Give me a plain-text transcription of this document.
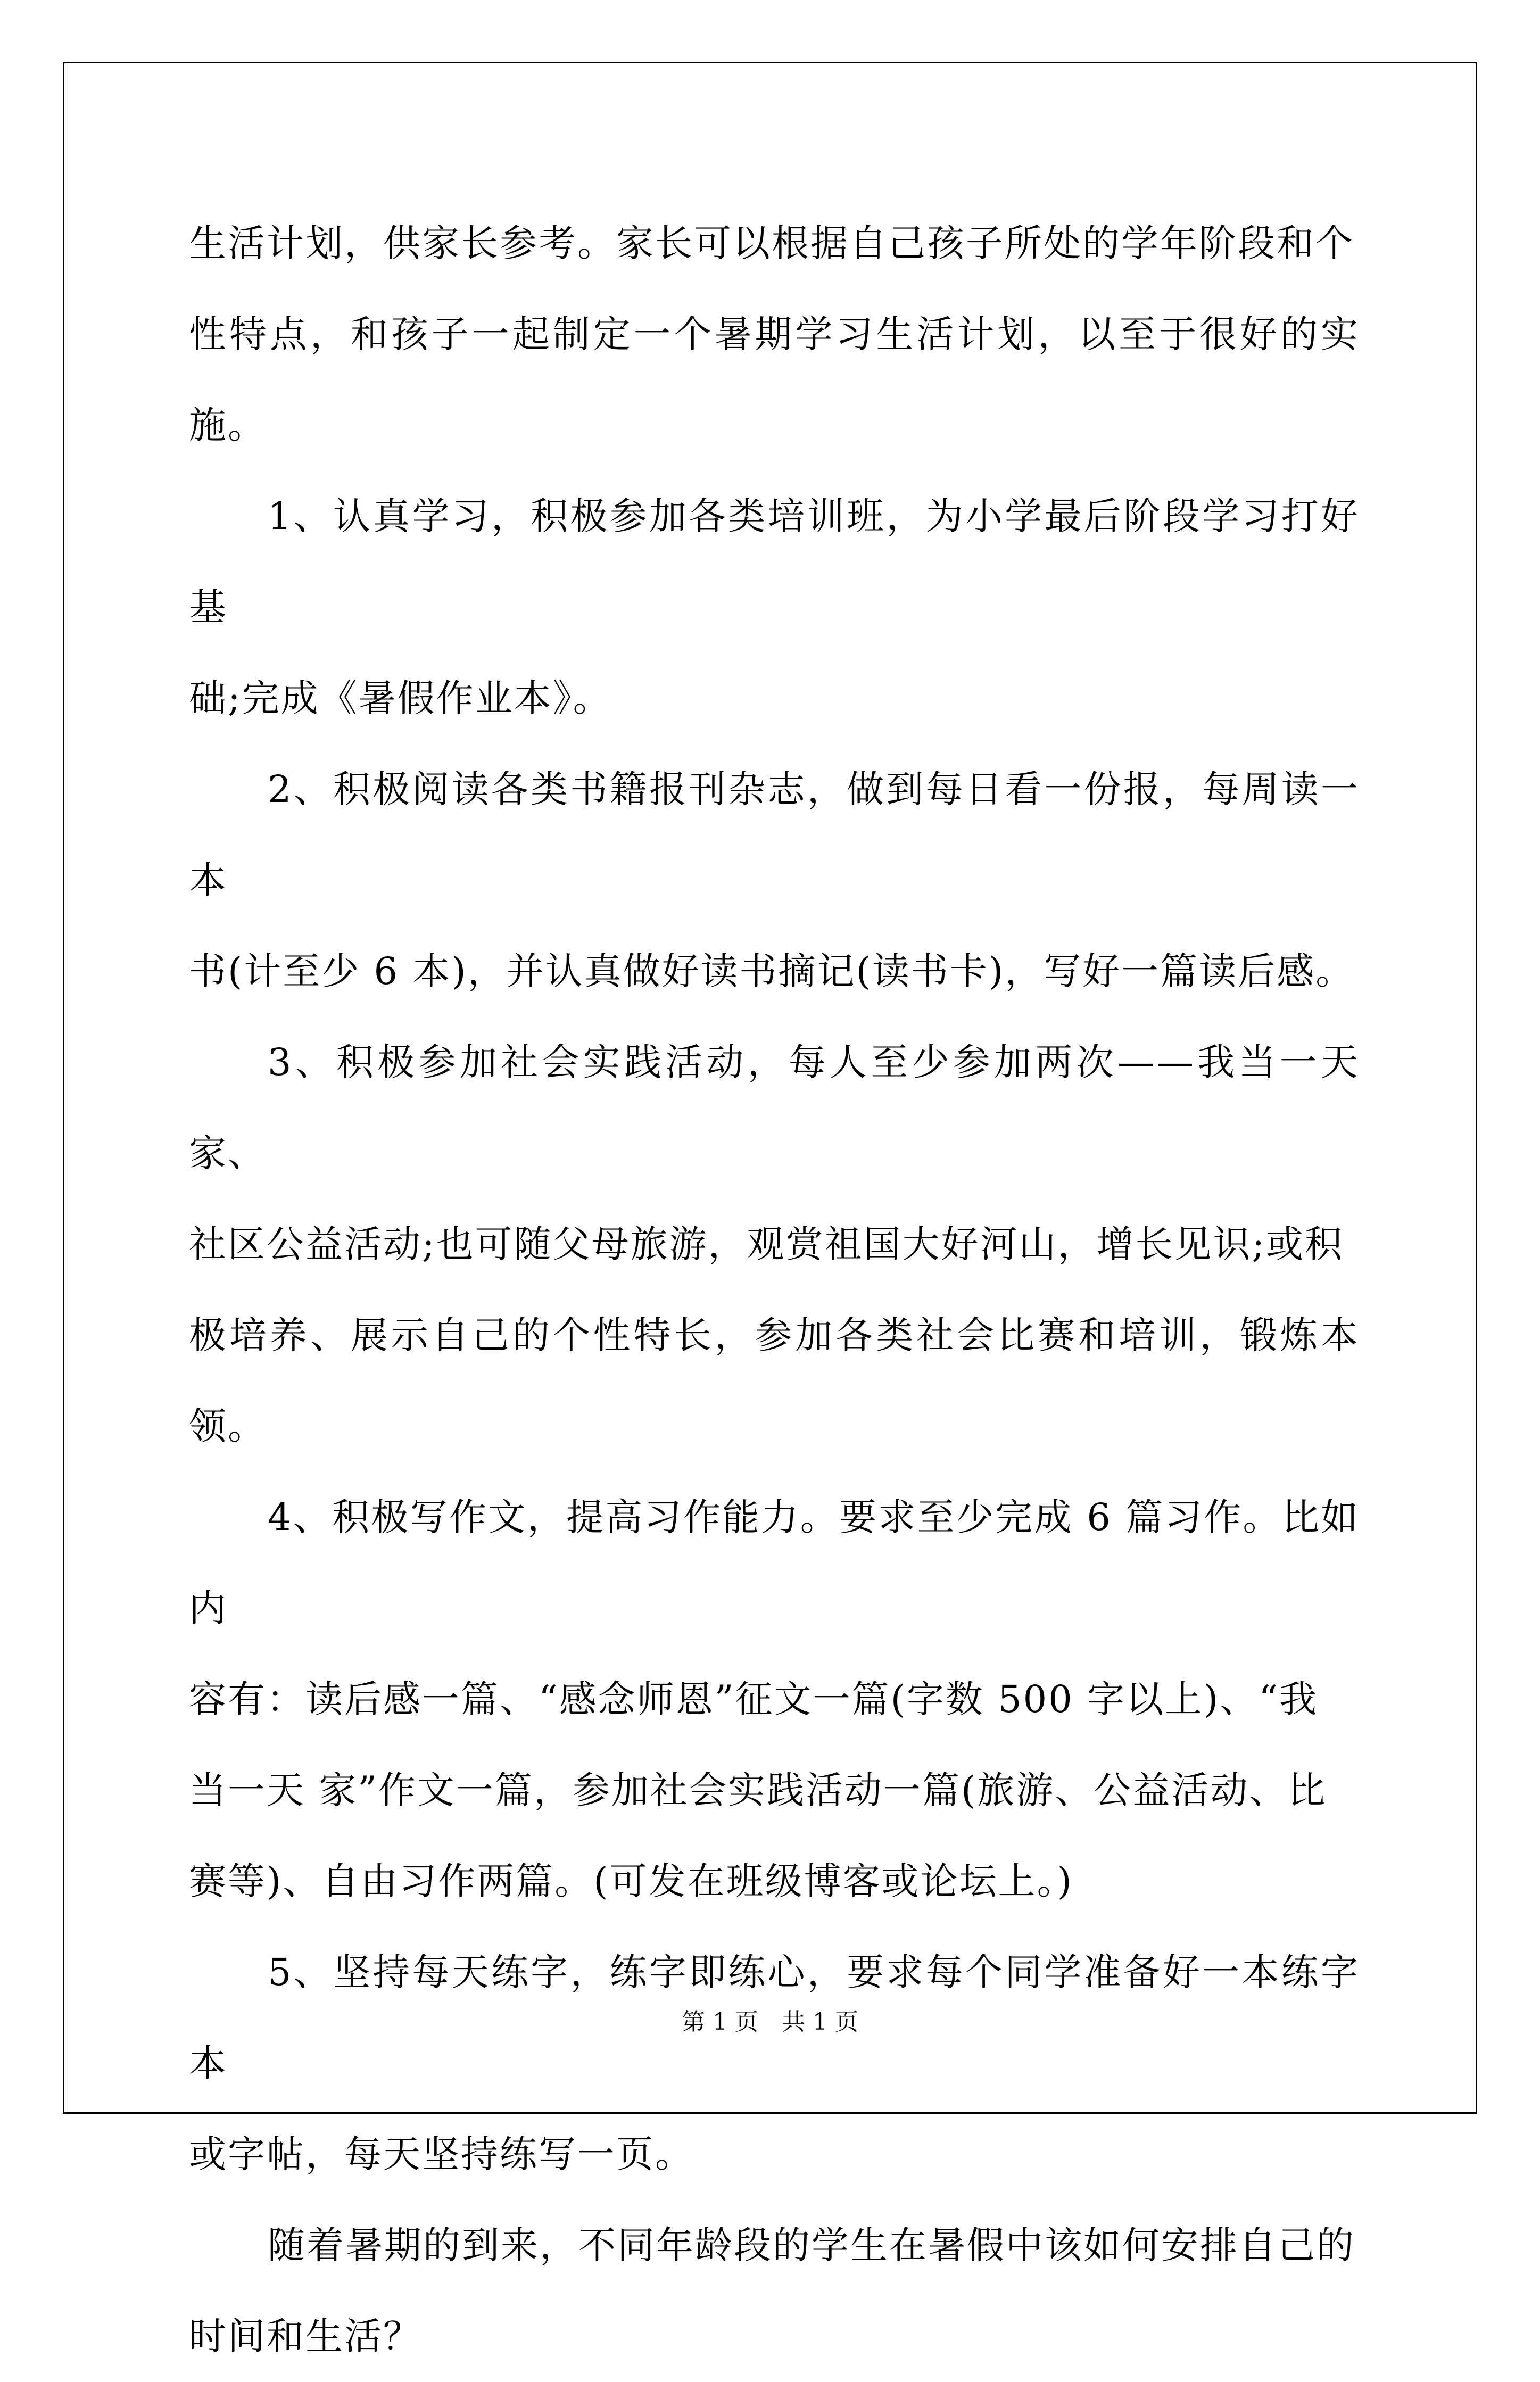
生活计划，供家长参考。家长可以根据自己孩子所处的学年阶段和个
性特点，和孩子一起制定一个暑期学习生活计划，以至于很好的实施。

1、认真学习，积极参加各类培训班，为小学最后阶段学习打好基
础;完成《暑假作业本》。

2、积极阅读各类书籍报刊杂志，做到每日看一份报，每周读一本
书(计至少 6 本)，并认真做好读书摘记(读书卡)，写好一篇读后感。

3、积极参加社会实践活动，每人至少参加两次——我当一天家、
社区公益活动;也可随父母旅游，观赏祖国大好河山，增长见识;或积
极培养、展示自己的个性特长，参加各类社会比赛和培训，锻炼本领。

4、积极写作文，提高习作能力。要求至少完成 6 篇习作。比如内
容有：读后感一篇、“感念师恩”征文一篇(字数 500 字以上)、“我
当一天 家”作文一篇，参加社会实践活动一篇(旅游、公益活动、比
赛等)、自由习作两篇。(可发在班级博客或论坛上。)

5、坚持每天练字，练字即练心，要求每个同学准备好一本练字本
或字帖，每天坚持练写一页。

随着暑期的到来，不同年龄段的学生在暑假中该如何安排自己的
时间和生活？

第 1 页　共 1 页
